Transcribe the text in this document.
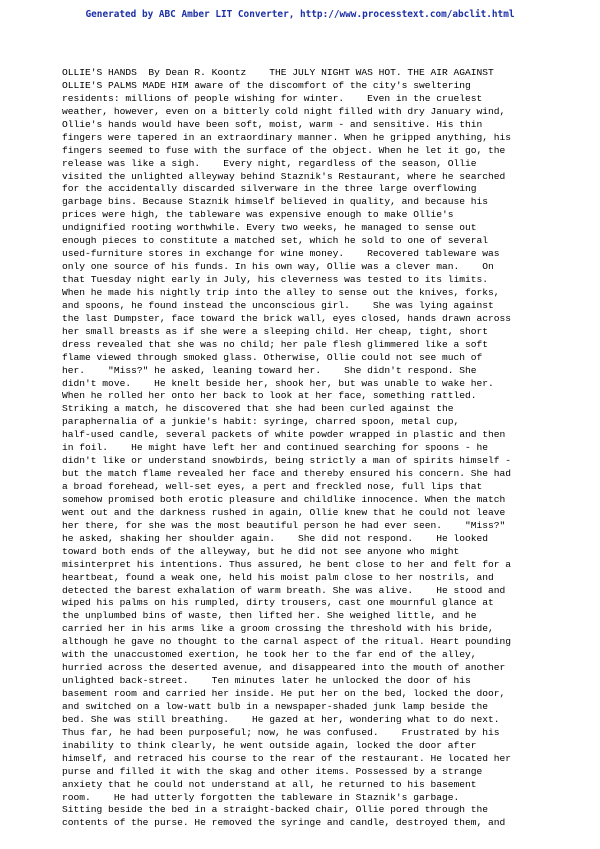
Generated by ABC Amber LIT Converter, http://www.processtext.com/abclit.html
OLLIE'S HANDS  By Dean R. Koontz    THE JULY NIGHT WAS HOT. THE AIR AGAINST
OLLIE'S PALMS MADE HIM aware of the discomfort of the city's sweltering
residents: millions of people wishing for winter.    Even in the cruelest
weather, however, even on a bitterly cold night filled with dry January wind,
Ollie's hands would have been soft, moist, warm - and sensitive. His thin
fingers were tapered in an extraordinary manner. When he gripped anything, his
fingers seemed to fuse with the surface of the object. When he let it go, the
release was like a sigh.    Every night, regardless of the season, Ollie
visited the unlighted alleyway behind Staznik's Restaurant, where he searched
for the accidentally discarded silverware in the three large overflowing
garbage bins. Because Staznik himself believed in quality, and because his
prices were high, the tableware was expensive enough to make Ollie's
undignified rooting worthwhile. Every two weeks, he managed to sense out
enough pieces to constitute a matched set, which he sold to one of several
used-furniture stores in exchange for wine money.    Recovered tableware was
only one source of his funds. In his own way, Ollie was a clever man.    On
that Tuesday night early in July, his cleverness was tested to its limits.
When he made his nightly trip into the alley to sense out the knives, forks,
and spoons, he found instead the unconscious girl.    She was lying against
the last Dumpster, face toward the brick wall, eyes closed, hands drawn across
her small breasts as if she were a sleeping child. Her cheap, tight, short
dress revealed that she was no child; her pale flesh glimmered like a soft
flame viewed through smoked glass. Otherwise, Ollie could not see much of
her.    "Miss?" he asked, leaning toward her.    She didn't respond. She
didn't move.    He knelt beside her, shook her, but was unable to wake her.
When he rolled her onto her back to look at her face, something rattled.
Striking a match, he discovered that she had been curled against the
paraphernalia of a junkie's habit: syringe, charred spoon, metal cup,
half-used candle, several packets of white powder wrapped in plastic and then
in foil.    He might have left her and continued searching for spoons - he
didn't like or understand snowbirds, being strictly a man of spirits himself -
but the match flame revealed her face and thereby ensured his concern. She had
a broad forehead, well-set eyes, a pert and freckled nose, full lips that
somehow promised both erotic pleasure and childlike innocence. When the match
went out and the darkness rushed in again, Ollie knew that he could not leave
her there, for she was the most beautiful person he had ever seen.    "Miss?"
he asked, shaking her shoulder again.    She did not respond.    He looked
toward both ends of the alleyway, but he did not see anyone who might
misinterpret his intentions. Thus assured, he bent close to her and felt for a
heartbeat, found a weak one, held his moist palm close to her nostrils, and
detected the barest exhalation of warm breath. She was alive.    He stood and
wiped his palms on his rumpled, dirty trousers, cast one mournful glance at
the unplumbed bins of waste, then lifted her. She weighed little, and he
carried her in his arms like a groom crossing the threshold with his bride,
although he gave no thought to the carnal aspect of the ritual. Heart pounding
with the unaccustomed exertion, he took her to the far end of the alley,
hurried across the deserted avenue, and disappeared into the mouth of another
unlighted back-street.    Ten minutes later he unlocked the door of his
basement room and carried her inside. He put her on the bed, locked the door,
and switched on a low-watt bulb in a newspaper-shaded junk lamp beside the
bed. She was still breathing.    He gazed at her, wondering what to do next.
Thus far, he had been purposeful; now, he was confused.    Frustrated by his
inability to think clearly, he went outside again, locked the door after
himself, and retraced his course to the rear of the restaurant. He located her
purse and filled it with the skag and other items. Possessed by a strange
anxiety that he could not understand at all, he returned to his basement
room.    He had utterly forgotten the tableware in Staznik's garbage.
Sitting beside the bed in a straight-backed chair, Ollie pored through the
contents of the purse. He removed the syringe and candle, destroyed them, and
